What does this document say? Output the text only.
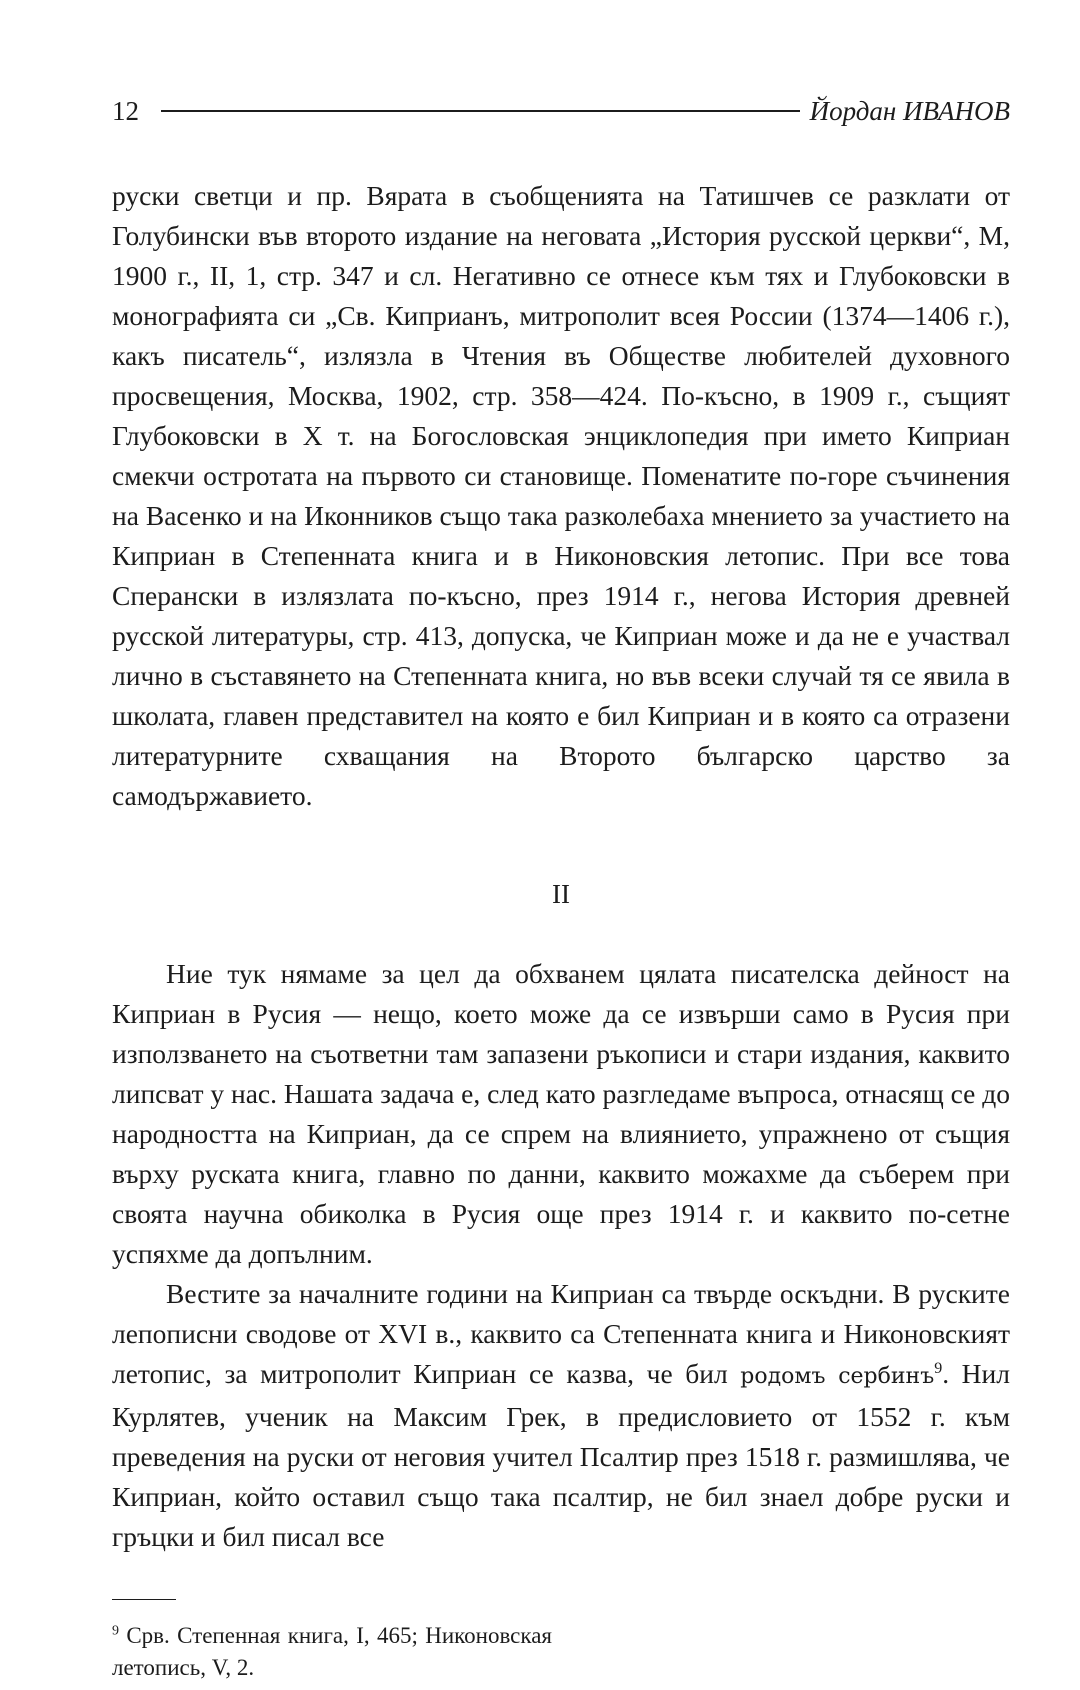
12	Йордан ИВАНОВ

руски светци и пр. Вярата в съобщенията на Татишчев се разклати от Голубински във второто издание на неговата „История русской церкви“, М, 1900 г., II, 1, стр. 347 и сл. Негативно се отнесе към тях и Глубоковски в монографията си „Св. Киприанъ, митрополит всея России (1374—1406 г.), какъ писатель“, излязла в Чтения въ Обществе любителей духовного просвещения, Москва, 1902, стр. 358—424. По-късно, в 1909 г., същият Глубоковски в X т. на Богословская энциклопедия при името Киприан смекчи остротата на първото си становище. Поменатите по-горе съчинения на Васенко и на Иконников също така разколебаха мнението за участието на Киприан в Степенната книга и в Никоновския летопис. При все това Сперански в излязлата по-късно, през 1914 г., негова История древней русской литературы, стр. 413, допуска, че Киприан може и да не е участвал лично в съставянето на Степенната книга, но във всеки случай тя се явила в школата, главен представител на която е бил Киприан и в която са отразени литературните схващания на Второто българско царство за самодържавието.

II

Ние тук нямаме за цел да обхванем цялата писателска дейност на Киприан в Русия — нещо, което може да се извърши само в Русия при използването на съответни там запазени ръкописи и стари издания, каквито липсват у нас. Нашата задача е, след като разгледаме въпроса, отнасящ се до народността на Киприан, да се спрем на влиянието, упражнено от същия върху руската книга, главно по данни, каквито можахме да съберем при своята научна обиколка в Русия още през 1914 г. и каквито по-сетне успяхме да допълним.

Вестите за началните години на Киприан са твърде оскъдни. В руските лепописни сводове от XVI в., каквито са Степенната книга и Никоновският летопис, за митрополит Киприан се казва, че бил родомъ сербинъ$^9$. Нил Курлятев, ученик на Максим Грек, в предисловието от 1552 г. към преведения на руски от неговия учител Псалтир през 1518 г. размишлява, че Киприан, който оставил също така псалтир, не бил знаел добре руски и гръцки и бил писал все

$^9$ Срв. Степенная книга, I, 465; Никоновская летопись, V, 2.
